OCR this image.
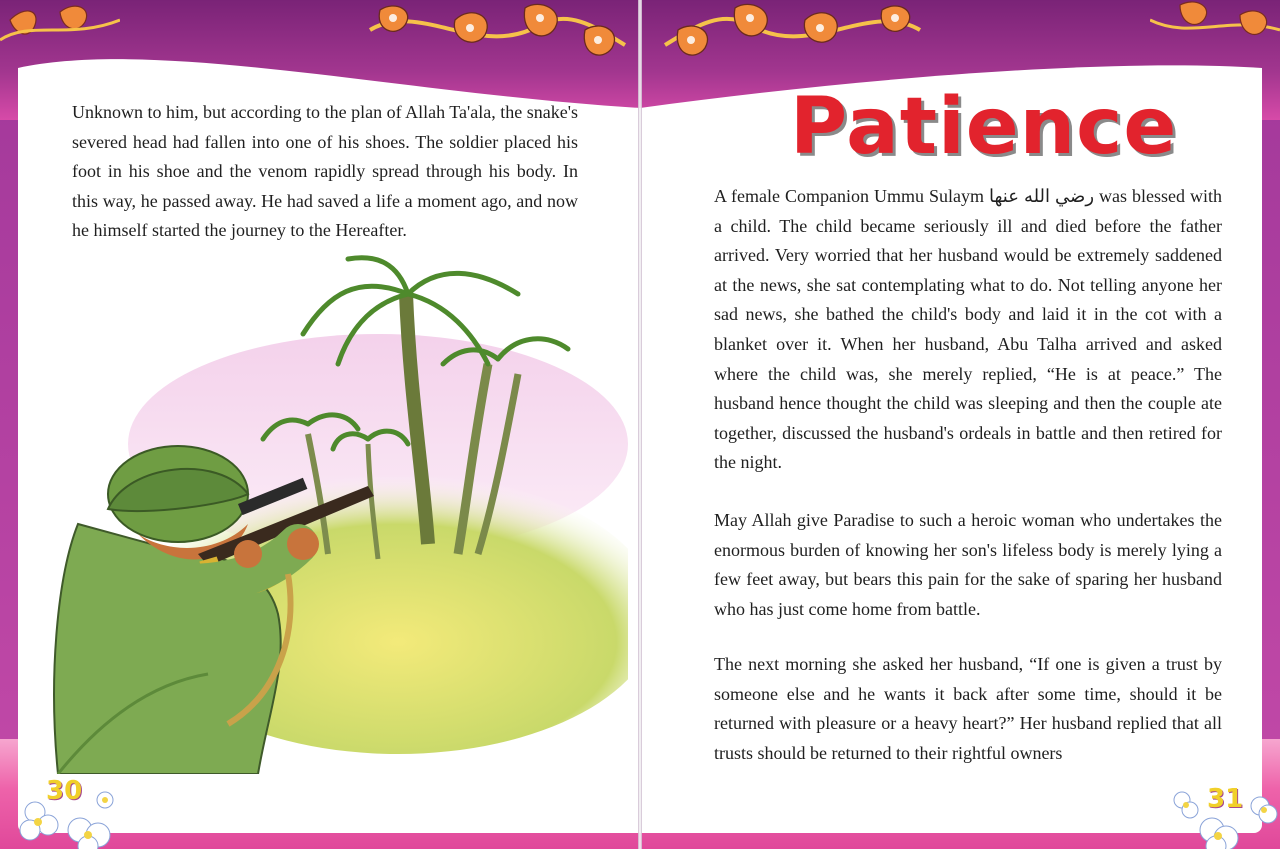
Unknown to him, but according to the plan of Allah Ta'ala, the snake's severed head had fallen into one of his shoes. The soldier placed his foot in his shoe and the venom rapidly spread through his body. In this way, he passed away. He had saved a life a moment ago, and now he himself started the journey to the Hereafter.
Patience
A female Companion Ummu Sulaym رضي الله عنها was blessed with a child. The child became seriously ill and died before the father arrived. Very worried that her husband would be extremely saddened at the news, she sat contemplating what to do. Not telling anyone her sad news, she bathed the child's body and laid it in the cot with a blanket over it. When her husband, Abu Talha arrived and asked where the child was, she merely replied, “He is at peace.” The husband hence thought the child was sleeping and then the couple ate together, discussed the husband's ordeals in battle and then retired for the night.
May Allah give Paradise to such a heroic woman who undertakes the enormous burden of knowing her son's lifeless body is merely lying a few feet away, but bears this pain for the sake of sparing her husband who has just come home from battle.
The next morning she asked her husband, “If one is given a trust by someone else and he wants it back after some time, should it be returned with pleasure or a heavy heart?” Her husband replied that all trusts should be returned to their rightful owners
30	31
